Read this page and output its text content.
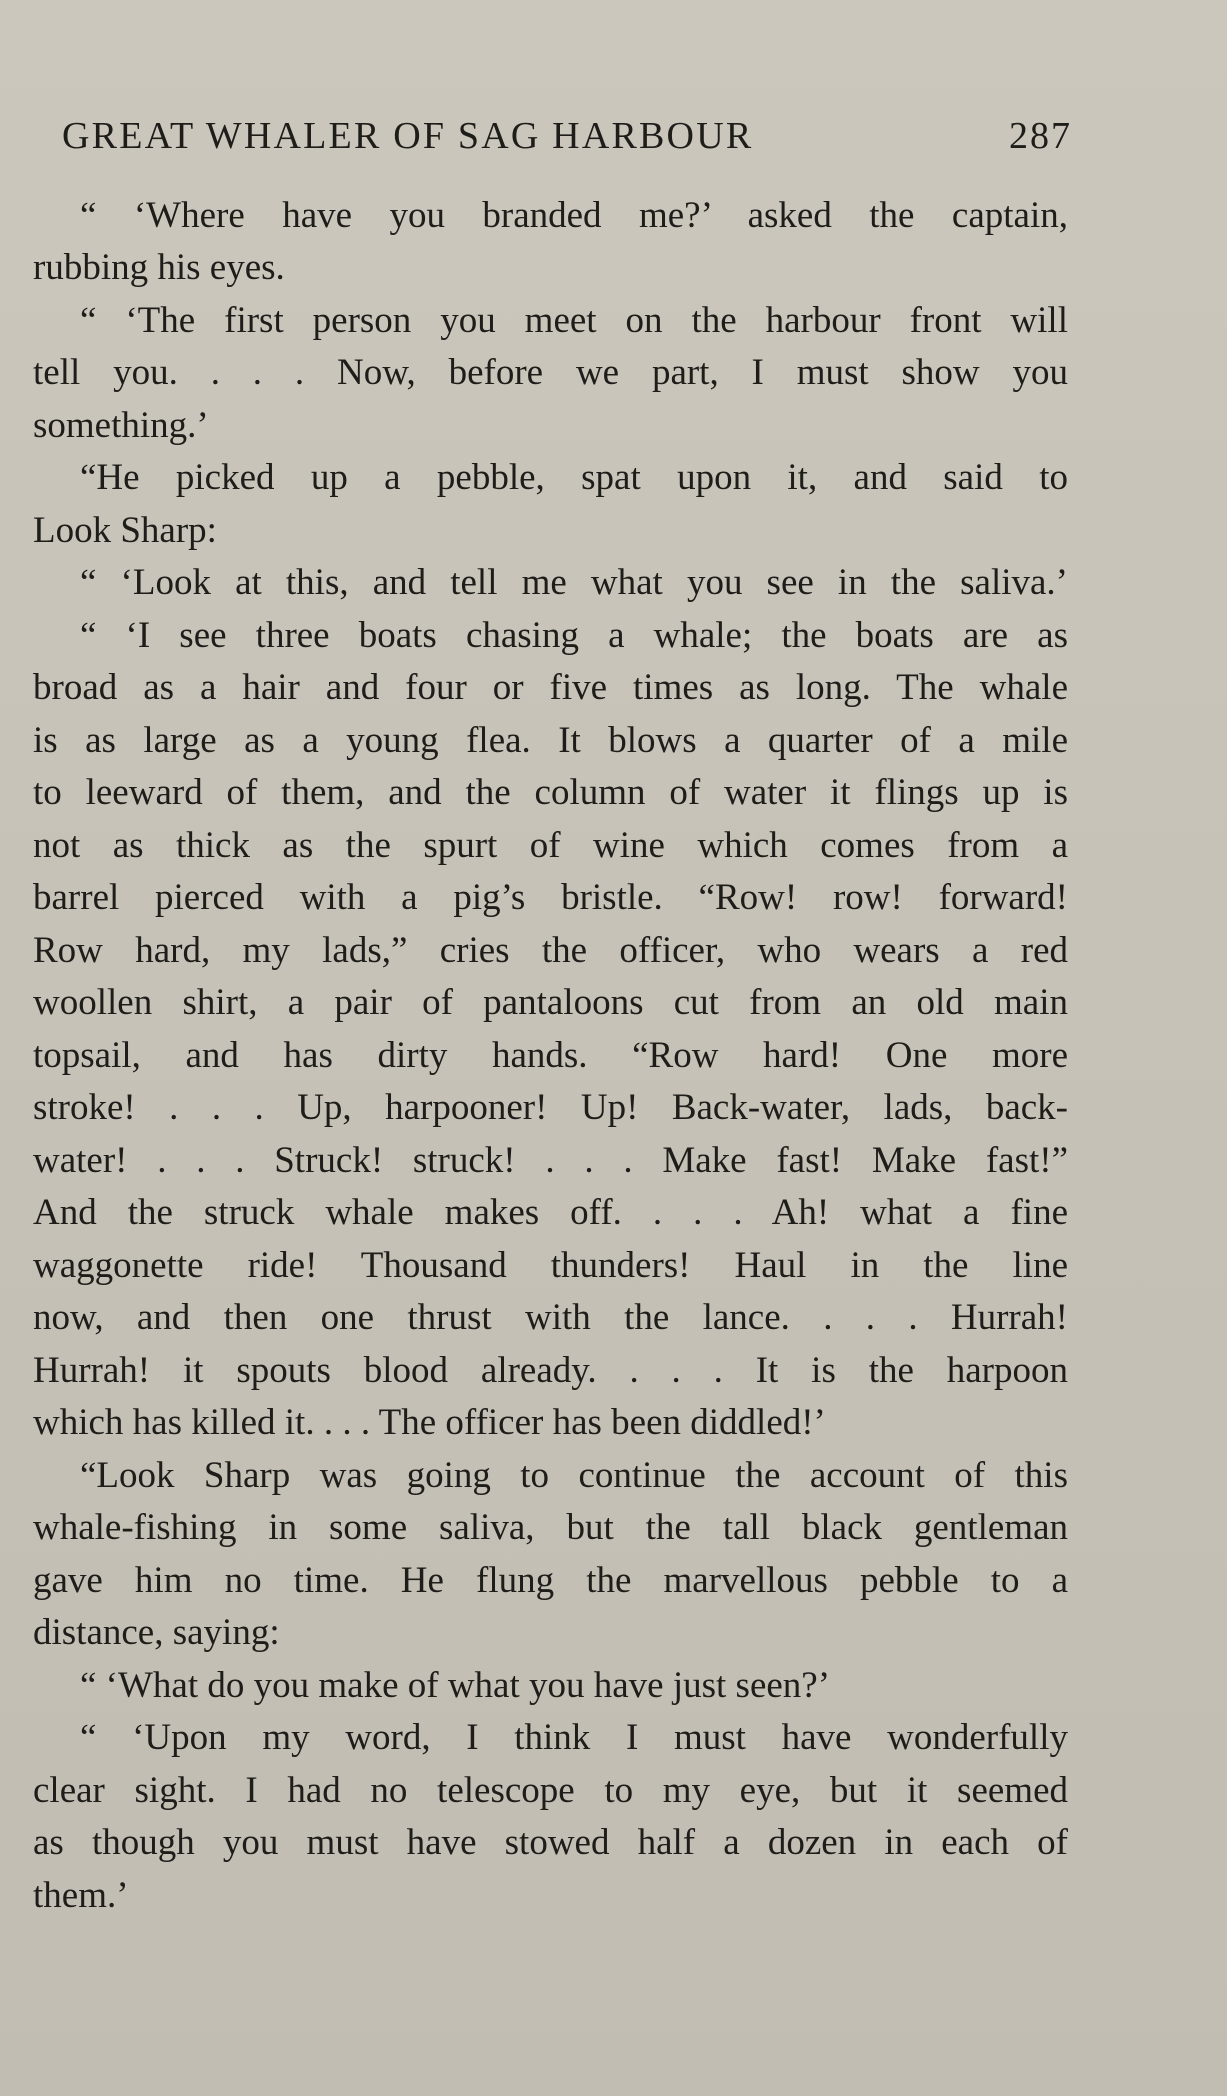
GREAT WHALER OF SAG HARBOUR	287
“ ‘Where have you branded me?’ asked the captain,
rubbing his eyes.
“ ‘The first person you meet on the harbour front will
tell you. . . . Now, before we part, I must show you
something.’
“He picked up a pebble, spat upon it, and said to
Look Sharp:
“ ‘Look at this, and tell me what you see in the saliva.’
“ ‘I see three boats chasing a whale; the boats are as
broad as a hair and four or five times as long. The whale
is as large as a young flea. It blows a quarter of a mile
to leeward of them, and the column of water it flings up is
not as thick as the spurt of wine which comes from a
barrel pierced with a pig’s bristle. “Row! row! forward!
Row hard, my lads,” cries the officer, who wears a red
woollen shirt, a pair of pantaloons cut from an old main
topsail, and has dirty hands. “Row hard! One more
stroke! . . . Up, harpooner! Up! Back-water, lads, back-
water! . . . Struck! struck! . . . Make fast! Make fast!”
And the struck whale makes off. . . . Ah! what a fine
waggonette ride! Thousand thunders! Haul in the line
now, and then one thrust with the lance. . . . Hurrah!
Hurrah! it spouts blood already. . . . It is the harpoon
which has killed it. . . . The officer has been diddled!’
“Look Sharp was going to continue the account of this
whale-fishing in some saliva, but the tall black gentleman
gave him no time. He flung the marvellous pebble to a
distance, saying:
“ ‘What do you make of what you have just seen?’
“ ‘Upon my word, I think I must have wonderfully
clear sight. I had no telescope to my eye, but it seemed
as though you must have stowed half a dozen in each of
them.’
